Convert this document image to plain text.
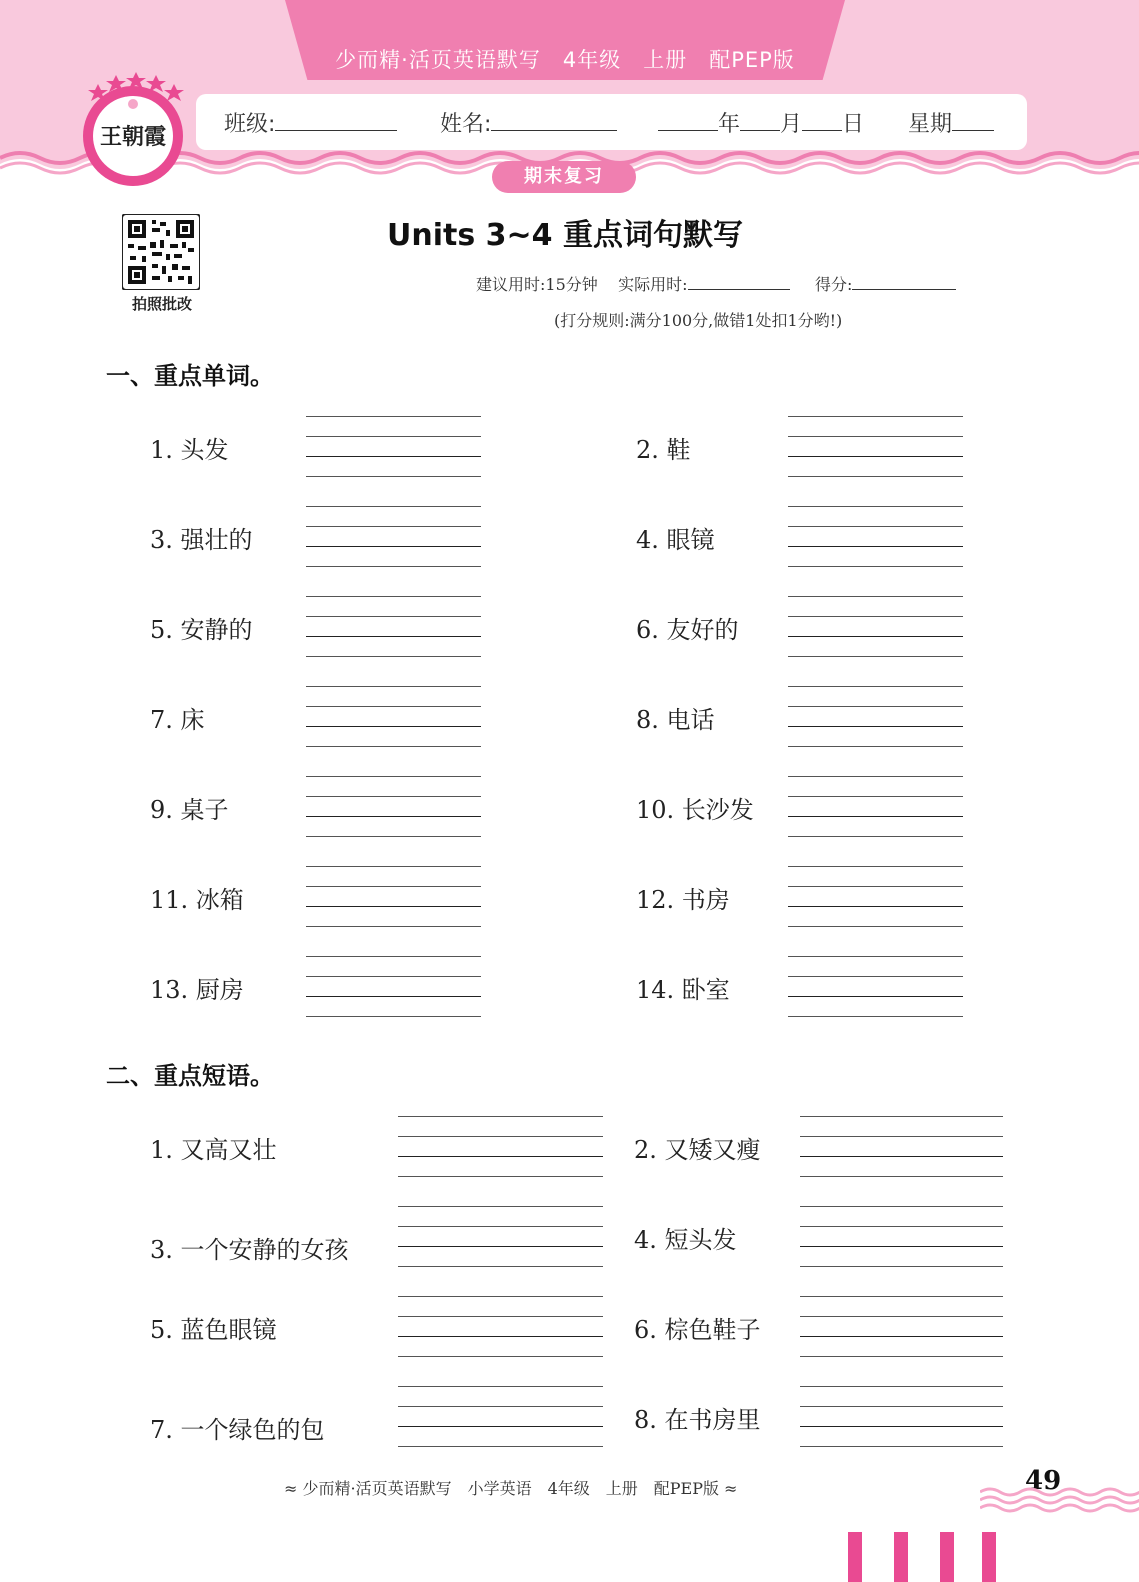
少而精·活页英语默写　4年级　上册　配PEP版
王朝霞	班级:	姓名:	年 月 日 星期
期末复习
拍照批改
Units 3~4 重点词句默写
建议用时:15分钟 实际用时:	得分:
(打分规则:满分100分,做错1处扣1分哟!)
一、重点单词。
1. 头发	2. 鞋
3. 强壮的	4. 眼镜
5. 安静的	6. 友好的
7. 床	8. 电话
9. 桌子	10. 长沙发
11. 冰箱	12. 书房
13. 厨房	14. 卧室
二、重点短语。
1. 又高又壮	2. 又矮又瘦
3. 一个安静的女孩	4. 短头发
5. 蓝色眼镜	6. 棕色鞋子
7. 一个绿色的包	8. 在书房里
≈ 少而精·活页英语默写　小学英语　4年级　上册　配PEP版 ≈	49
